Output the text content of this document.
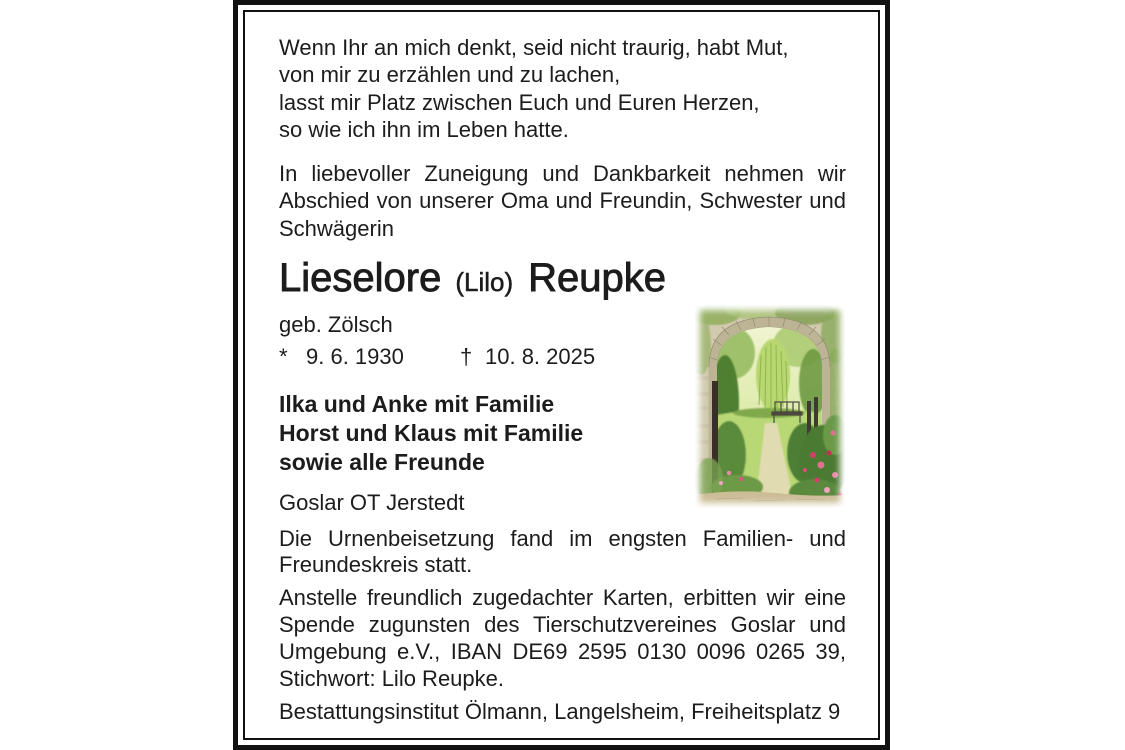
Wenn Ihr an mich denkt, seid nicht traurig, habt Mut,
von mir zu erzählen und zu lachen,
lasst mir Platz zwischen Euch und Euren Herzen,
so wie ich ihn im Leben hatte.
In liebevoller Zuneigung und Dankbarkeit nehmen wir
Abschied von unserer Oma und Freundin, Schwester und
Schwägerin
Lieselore (Lilo) Reupke
geb. Zölsch
* 9. 6. 1930	† 10. 8. 2025
Ilka und Anke mit Familie
Horst und Klaus mit Familie
sowie alle Freunde
Goslar OT Jerstedt
Die Urnenbeisetzung fand im engsten Familien- und
Freundeskreis statt.
Anstelle freundlich zugedachter Karten, erbitten wir eine
Spende zugunsten des Tierschutzvereines Goslar und
Umgebung e.V., IBAN DE69 2595 0130 0096 0265 39,
Stichwort: Lilo Reupke.
Bestattungsinstitut Ölmann, Langelsheim, Freiheitsplatz 9
